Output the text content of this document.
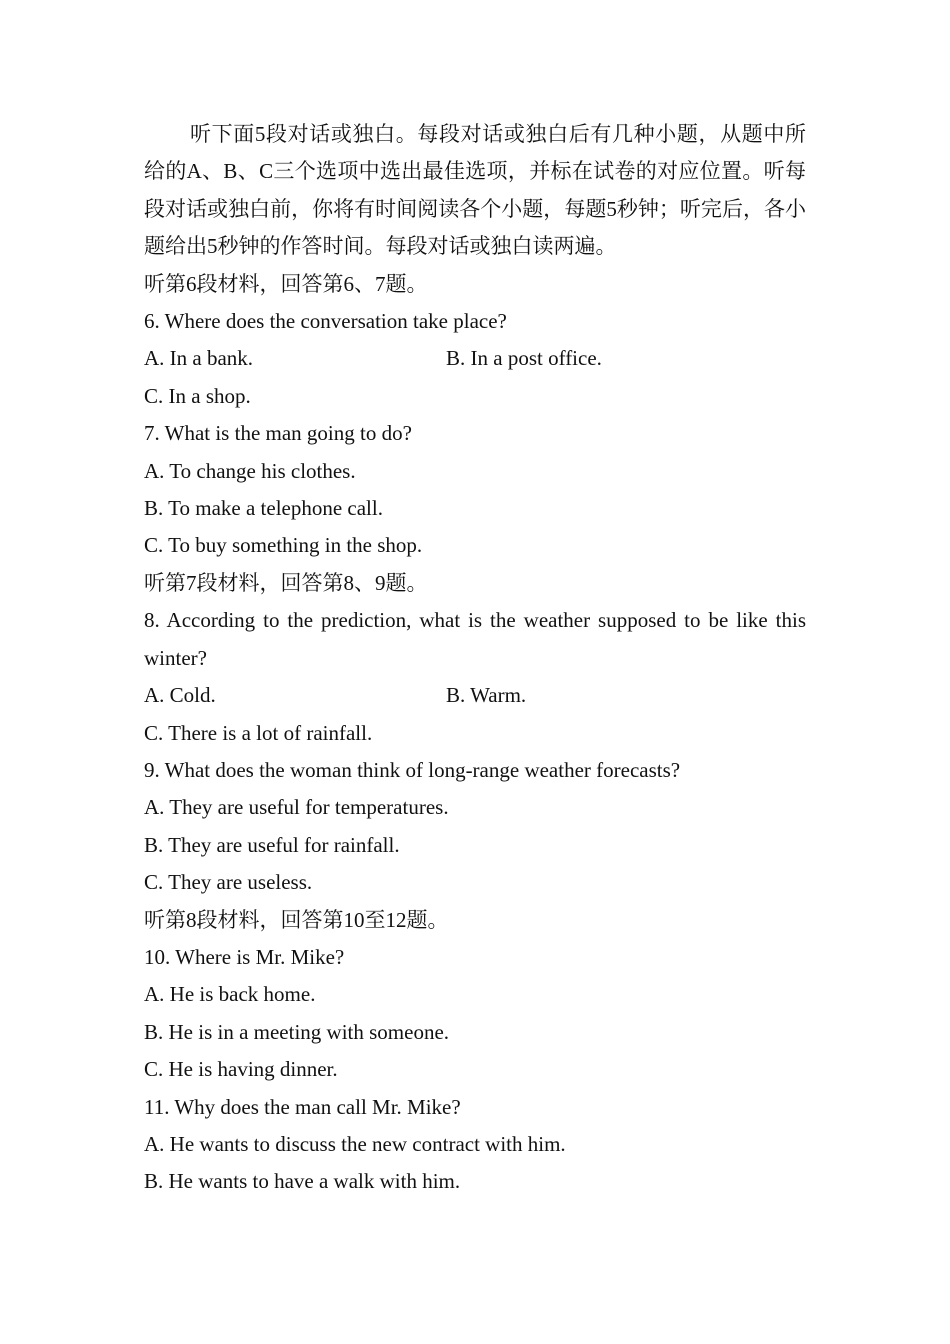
听下面5段对话或独白。每段对话或独白后有几种小题，从题中所给的A、B、C三个选项中选出最佳选项，并标在试卷的对应位置。听每段对话或独白前，你将有时间阅读各个小题，每题5秒钟；听完后，各小题给出5秒钟的作答时间。每段对话或独白读两遍。

听第6段材料，回答第6、7题。

6. Where does the conversation take place?

A. In a bank.	B. In a post office.

C. In a shop.

7. What is the man going to do?

A. To change his clothes.

B. To make a telephone call.

C. To buy something in the shop.

听第7段材料，回答第8、9题。

8. According to the prediction, what is the weather supposed to be like this winter?

A. Cold.	B. Warm.

C. There is a lot of rainfall.

9. What does the woman think of long-range weather forecasts?

A. They are useful for temperatures.

B. They are useful for rainfall.

C. They are useless.

听第8段材料，回答第10至12题。

10. Where is Mr. Mike?

A. He is back home.

B. He is in a meeting with someone.

C. He is having dinner.

11. Why does the man call Mr. Mike?

A. He wants to discuss the new contract with him.

B. He wants to have a walk with him.
